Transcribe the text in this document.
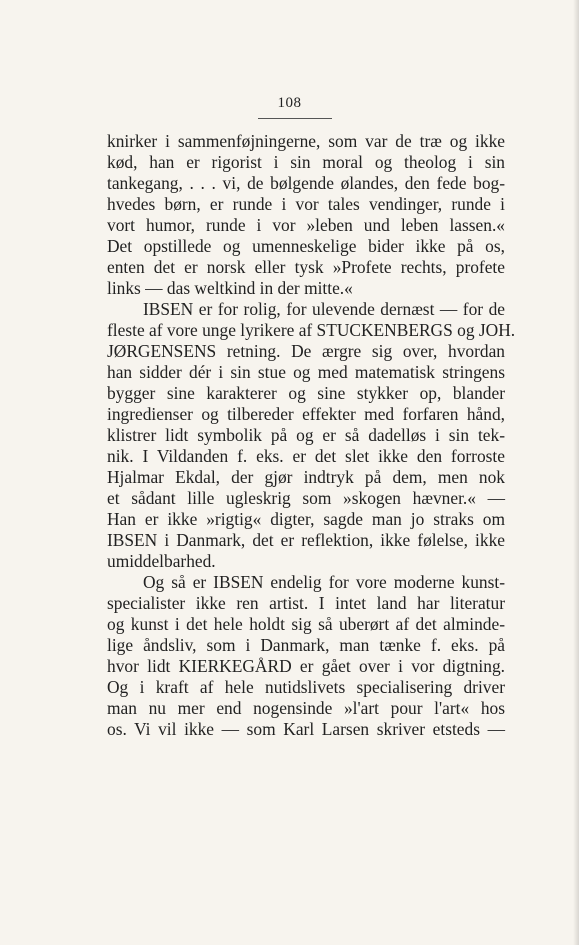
108
knirker i sammenføjningerne, som var de træ og ikke
kød, han er rigorist i sin moral og theolog i sin
tankegang, . . . vi, de bølgende ølandes, den fede bog-
hvedes børn, er runde i vor tales vendinger, runde i
vort humor, runde i vor »leben und leben lassen.«
Det opstillede og umenneskelige bider ikke på os,
enten det er norsk eller tysk »Profete rechts, profete
links — das weltkind in der mitte.«
IBSEN er for rolig, for ulevende dernæst — for de
fleste af vore unge lyrikere af STUCKENBERGS og JOH.
JØRGENSENS retning. De ærgre sig over, hvordan
han sidder dér i sin stue og med matematisk stringens
bygger sine karakterer og sine stykker op, blander
ingredienser og tilbereder effekter med forfaren hånd,
klistrer lidt symbolik på og er så dadelløs i sin tek-
nik. I Vildanden f. eks. er det slet ikke den forroste
Hjalmar Ekdal, der gjør indtryk på dem, men nok
et sådant lille ugleskrig som »skogen hævner.« —
Han er ikke »rigtig« digter, sagde man jo straks om
IBSEN i Danmark, det er reflektion, ikke følelse, ikke
umiddelbarhed.
Og så er IBSEN endelig for vore moderne kunst-
specialister ikke ren artist. I intet land har literatur
og kunst i det hele holdt sig så uberørt af det alminde-
lige åndsliv, som i Danmark, man tænke f. eks. på
hvor lidt KIERKEGÅRD er gået over i vor digtning.
Og i kraft af hele nutidslivets specialisering driver
man nu mer end nogensinde »l'art pour l'art« hos
os. Vi vil ikke — som Karl Larsen skriver etsteds —
